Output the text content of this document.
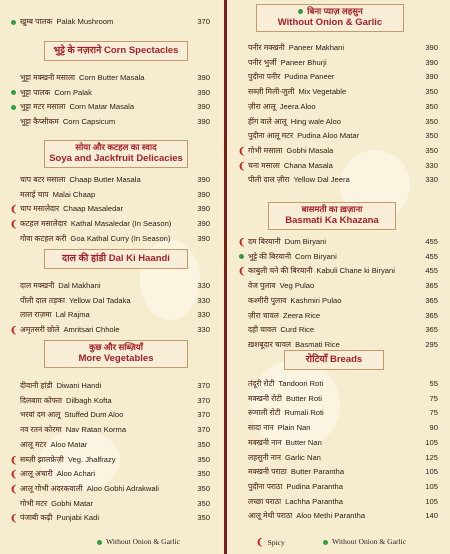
खुम्ब पालक Palak Mushroom	370
भुट्टे के नज़राने Corn Spectacles
भुट्टा मक्खनी मसाला Corn Butter Masala	390
भुट्टा पालक Corn Palak	390
भुट्टा मटर मसाला Corn Matar Masala	390
भुट्टा कैप्सीकम Corn Capsicum	390
सोया और कटहल का स्वाद
Soya and Jackfruit Delicacies
चाप बटर मसाला Chaap Butter Masala	390
मलाई चाप Malai Chaap	390
❨ चाप मसालेदार Chaap Masaledar	390
❨ कटहल मसालेदार Kathal Masaledar (In Season)	390
गोवा कटहल करी Goa Kathal Curry (In Season)	390
दाल की हांडी Dal Ki Haandi
दाल मक्खनी Dal Makhani	330
पीली दाल तड़का Yellow Dal Tadaka	330
लाल राज़मा Lal Rajma	330
❨ अमृतसरी छोले Amritsari Chhole	330
कुछ और सब्ज़ियाँ
More Vegetables
दीवानी हांडी Diwani Handi	370
दिलबाग़ कोफ्ता Dilbagh Kofta	370
भरवां दम आलू Stuffed Dum Aloo	370
नव रतन कोरमा Nav Ratan Korma	370
आलू मटर Aloo Matar	350
❨ सब्ज़ी झालफ्रेज़ी Veg. Jhalfrazy	350
❨ आलू अचारी Aloo Achari	350
❨ आलू गोभी अदरकवाली Aloo Gobhi Adrakwali	350
गोभी मटर Gobhi Matar	350
❨ पंजाबी कढ़ी Punjabi Kadi	350
बिना प्याज़ लहसुन
Without Onion & Garlic
पनीर मक्खनी Paneer Makhani	390
पनीर भुर्जी Paneer Bhurji	390
पुदीना पनीर Pudina Paneer	390
सब्ज़ी मिली-जुली Mix Vegetable	350
ज़ीरा आलू Jeera Aloo	350
हींग वाले आलू Hing wale Aloo	350
पुदीना आलू मटर Pudina Aloo Matar	350
❨ गोभी मसाला Gobhi Masala	350
❨ चना मसाला Chana Masala	330
पीली दाल ज़ीरा Yellow Dal Jeera	330
बासमती का ख़ज़ाना
Basmati Ka Khazana
❨ दम बिरयानी Dum Biryani	455
भुट्टे की बिरयानी Corn Biryani	455
❨ काबुली चने की बिरयानी Kabuli Chane ki Biryani	455
वेज पुलाव Veg Pulao	365
कश्मीरी पुलाव Kashmiri Pulao	365
ज़ीरा चावल Zeera Rice	365
दही चावल Curd Rice	365
ख़शबूदार चावल Basmati Rice	295
रोटियाँ Breads
तंदूरी रोटी Tandoori Roti	55
मक्खनी रोटी Butter Roti	75
रूमाली रोटी Rumali Roti	75
सादा नान Plain Nan	90
मक्खनी नान Butter Nan	105
लहसुनी नान Garlic Nan	125
मक्खनी पराठा Butter Parantha	105
पुदीना पराठा Pudina Parantha	105
लच्छा पराठा Lachha Parantha	105
आलू मेथी पराठा Aloo Methi Parantha	140
Without Onion & Garlic	❨ Spicy	Without Onion & Garlic
